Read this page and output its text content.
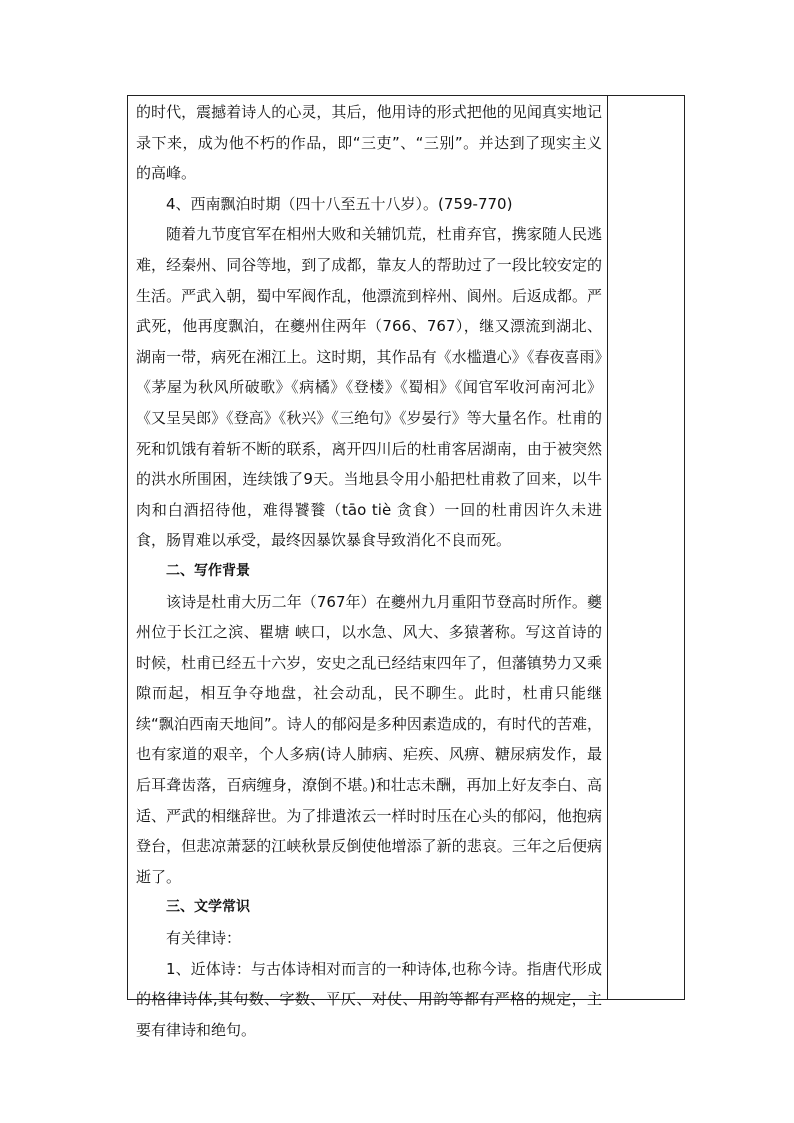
的时代，震撼着诗人的心灵，其后，他用诗的形式把他的见闻真实地记录下来，成为他不朽的作品，即“三吏”、“三别”。并达到了现实主义的高峰。

4、西南飘泊时期（四十八至五十八岁）。(759-770)

随着九节度官军在相州大败和关辅饥荒，杜甫弃官，携家随人民逃难，经秦州、同谷等地，到了成都，靠友人的帮助过了一段比较安定的生活。严武入朝，蜀中军阀作乱，他漂流到梓州、阆州。后返成都。严武死，他再度飘泊，在夔州住两年（766、767），继又漂流到湖北、湖南一带，病死在湘江上。这时期，其作品有《水槛遣心》《春夜喜雨》《茅屋为秋风所破歌》《病橘》《登楼》《蜀相》《闻官军收河南河北》《又呈吴郎》《登高》《秋兴》《三绝句》《岁晏行》等大量名作。杜甫的死和饥饿有着斩不断的联系，离开四川后的杜甫客居湖南，由于被突然的洪水所围困，连续饿了9天。当地县令用小船把杜甫救了回来，以牛肉和白酒招待他，难得饕餮（tāo tiè 贪食）一回的杜甫因许久未进食，肠胃难以承受，最终因暴饮暴食导致消化不良而死。

二、写作背景

该诗是杜甫大历二年（767年）在夔州九月重阳节登高时所作。夔州位于长江之滨、瞿塘 峡口，以水急、风大、多猿著称。写这首诗的时候，杜甫已经五十六岁，安史之乱已经结束四年了，但藩镇势力又乘隙而起，相互争夺地盘，社会动乱，民不聊生。此时，杜甫只能继续“飘泊西南天地间”。诗人的郁闷是多种因素造成的，有时代的苦难，也有家道的艰辛，个人多病(诗人肺病、疟疾、风痹、糖尿病发作，最后耳聋齿落，百病缠身，潦倒不堪。)和壮志未酬，再加上好友李白、高适、严武的相继辞世。为了排遣浓云一样时时压在心头的郁闷，他抱病登台，但悲凉萧瑟的江峡秋景反倒使他增添了新的悲哀。三年之后便病逝了。

三、文学常识

有关律诗：

1、近体诗：与古体诗相对而言的一种诗体,也称今诗。指唐代形成的格律诗体,其句数、字数、平仄、对仗、用韵等都有严格的规定，主要有律诗和绝句。
